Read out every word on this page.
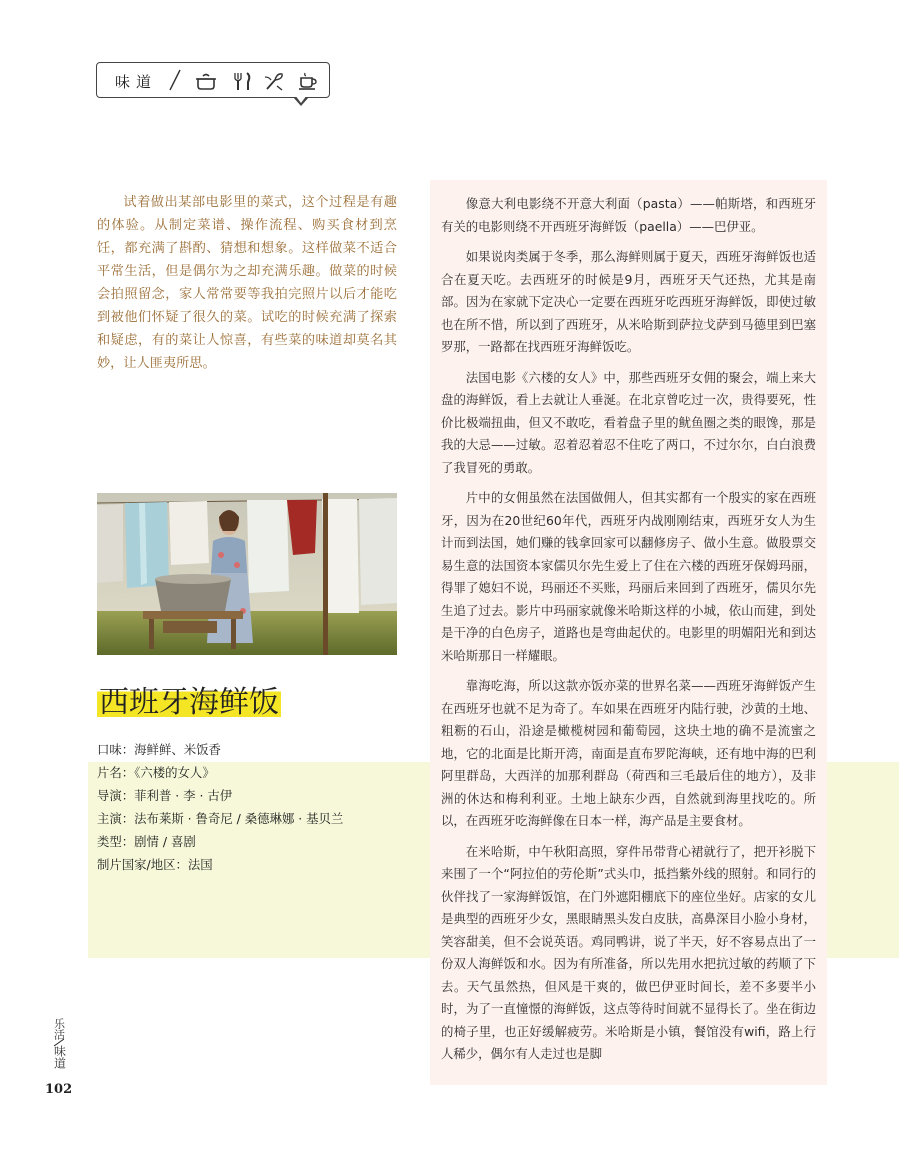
味道
试着做出某部电影里的菜式，这个过程是有趣的体验。从制定菜谱、操作流程、购买食材到烹饪，都充满了斟酌、猜想和想象。这样做菜不适合平常生活，但是偶尔为之却充满乐趣。做菜的时候会拍照留念，家人常常要等我拍完照片以后才能吃到被他们怀疑了很久的菜。试吃的时候充满了探索和疑虑，有的菜让人惊喜，有些菜的味道却莫名其妙，让人匪夷所思。

像意大利电影绕不开意大利面（pasta）——帕斯塔，和西班牙有关的电影则绕不开西班牙海鲜饭（paella）——巴伊亚。

如果说肉类属于冬季，那么海鲜则属于夏天，西班牙海鲜饭也适合在夏天吃。去西班牙的时候是9月，西班牙天气还热，尤其是南部。因为在家就下定决心一定要在西班牙吃西班牙海鲜饭，即使过敏也在所不惜，所以到了西班牙，从米哈斯到萨拉戈萨到马德里到巴塞罗那，一路都在找西班牙海鲜饭吃。

法国电影《六楼的女人》中，那些西班牙女佣的聚会，端上来大盘的海鲜饭，看上去就让人垂涎。在北京曾吃过一次，贵得要死，性价比极端扭曲，但又不敢吃，看着盘子里的鱿鱼圈之类的眼馋，那是我的大忌——过敏。忍着忍着忍不住吃了两口，不过尔尔，白白浪费了我冒死的勇敢。

片中的女佣虽然在法国做佣人，但其实都有一个殷实的家在西班牙，因为在20世纪60年代，西班牙内战刚刚结束，西班牙女人为生计而到法国，她们赚的钱拿回家可以翻修房子、做小生意。做股票交易生意的法国资本家儒贝尔先生爱上了住在六楼的西班牙保姆玛丽，得罪了媳妇不说，玛丽还不买账，玛丽后来回到了西班牙，儒贝尔先生追了过去。影片中玛丽家就像米哈斯这样的小城，依山而建，到处是干净的白色房子，道路也是弯曲起伏的。电影里的明媚阳光和到达米哈斯那日一样耀眼。

靠海吃海，所以这款亦饭亦菜的世界名菜——西班牙海鲜饭产生在西班牙也就不足为奇了。车如果在西班牙内陆行驶，沙黄的土地、粗粝的石山，沿途是橄榄树园和葡萄园，这块土地的确不是流蜜之地，它的北面是比斯开湾，南面是直布罗陀海峡，还有地中海的巴利阿里群岛，大西洋的加那利群岛（荷西和三毛最后住的地方），及非洲的休达和梅利利亚。土地上缺东少西，自然就到海里找吃的。所以，在西班牙吃海鲜像在日本一样，海产品是主要食材。

在米哈斯，中午秋阳高照，穿件吊带背心裙就行了，把开衫脱下来围了一个“阿拉伯的劳伦斯”式头巾，抵挡紫外线的照射。和同行的伙伴找了一家海鲜饭馆，在门外遮阳棚底下的座位坐好。店家的女儿是典型的西班牙少女，黑眼睛黑头发白皮肤，高鼻深目小脸小身材，笑容甜美，但不会说英语。鸡同鸭讲，说了半天，好不容易点出了一份双人海鲜饭和水。因为有所准备，所以先用水把抗过敏的药顺了下去。天气虽然热，但风是干爽的，做巴伊亚时间长，差不多要半小时，为了一直憧憬的海鲜饭，这点等待时间就不显得长了。坐在街边的椅子里，也正好缓解疲劳。米哈斯是小镇，餐馆没有wifi，路上行人稀少，偶尔有人走过也是脚

西班牙海鲜饭
口味：海鲜鲜、米饭香
片名：《六楼的女人》
导演：菲利普 · 李 · 古伊
主演：法布莱斯 · 鲁奇尼 / 桑德琳娜 · 基贝兰
类型：剧情 / 喜剧
制片国家/地区：法国
乐活
味道
102
